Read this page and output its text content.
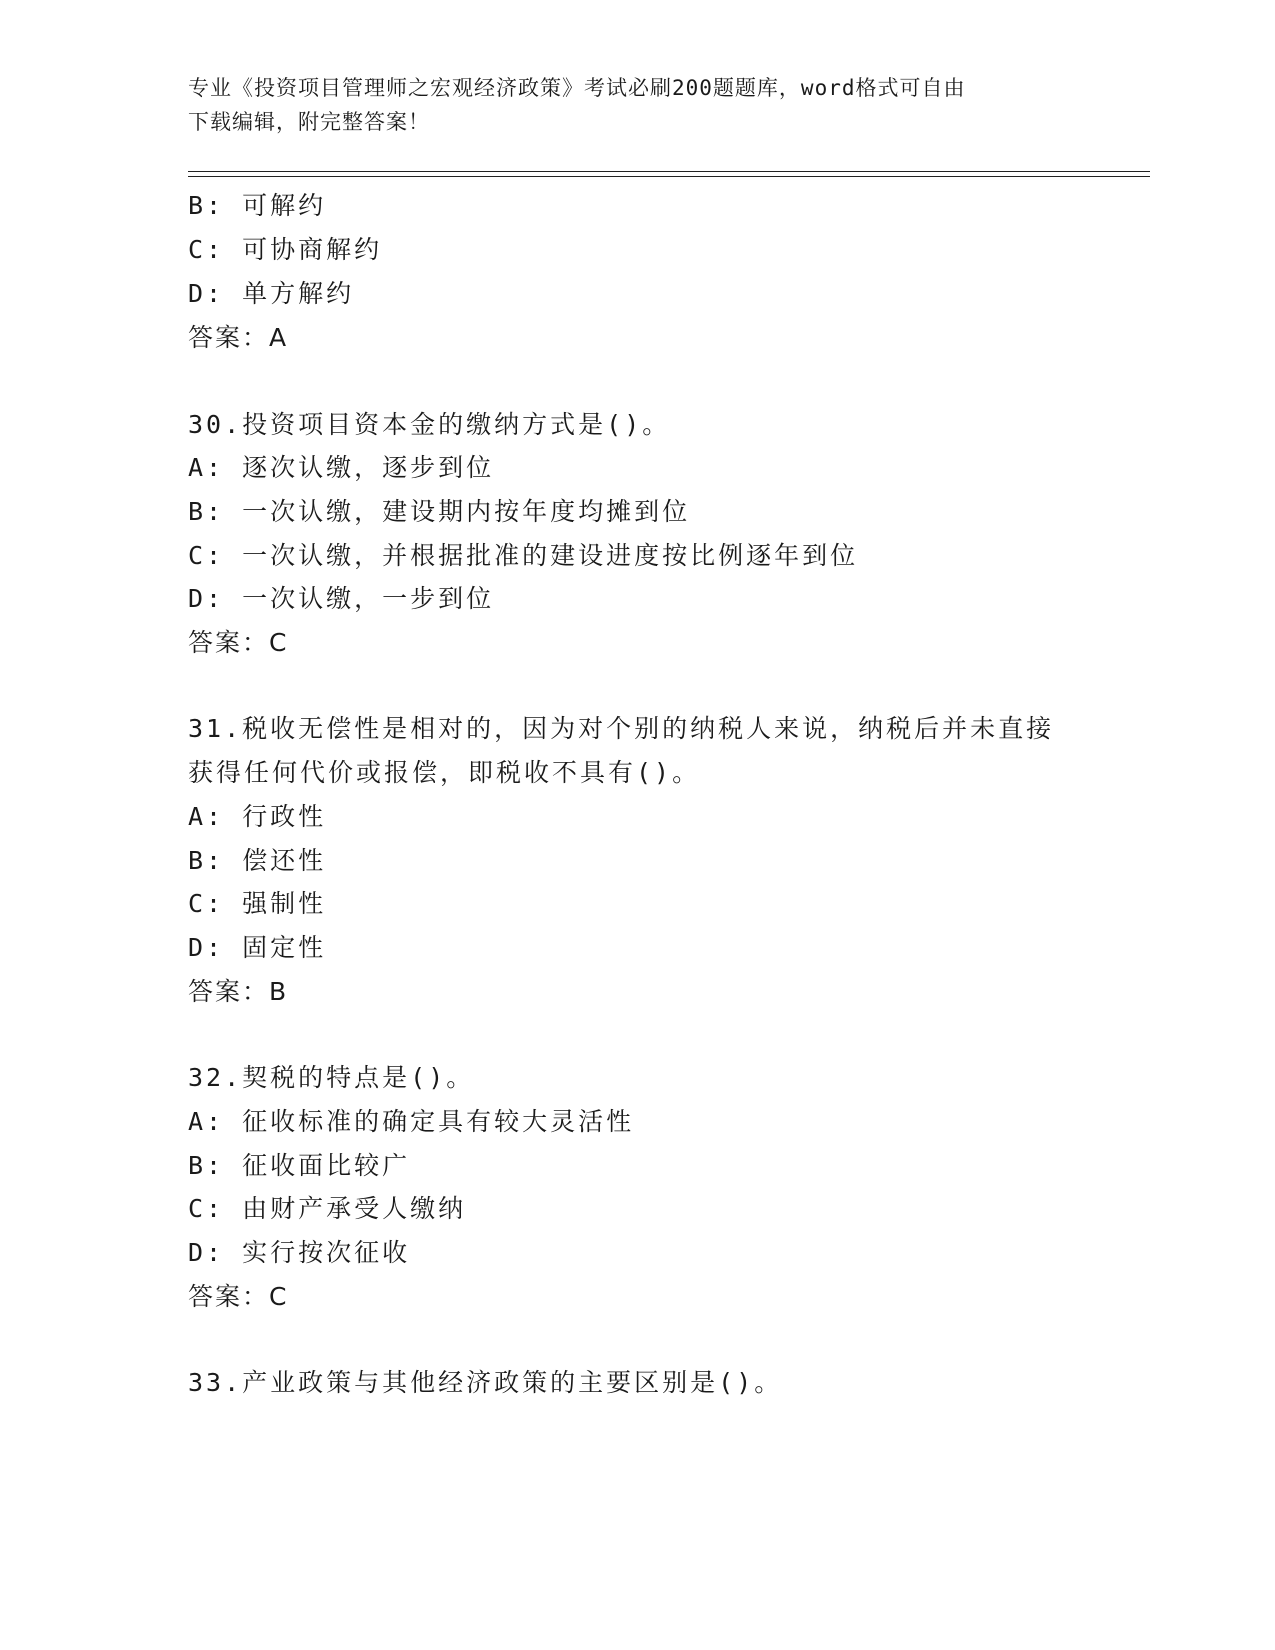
专业《投资项目管理师之宏观经济政策》考试必刷200题题库，word格式可自由
下载编辑，附完整答案！
B: 可解约
C: 可协商解约
D: 单方解约
答案：A
30.投资项目资本金的缴纳方式是()。
A: 逐次认缴，逐步到位
B: 一次认缴，建设期内按年度均摊到位
C: 一次认缴，并根据批准的建设进度按比例逐年到位
D: 一次认缴，一步到位
答案：C
31.税收无偿性是相对的，因为对个别的纳税人来说，纳税后并未直接
获得任何代价或报偿，即税收不具有()。
A: 行政性
B: 偿还性
C: 强制性
D: 固定性
答案：B
32.契税的特点是()。
A: 征收标准的确定具有较大灵活性
B: 征收面比较广
C: 由财产承受人缴纳
D: 实行按次征收
答案：C
33.产业政策与其他经济政策的主要区别是()。
